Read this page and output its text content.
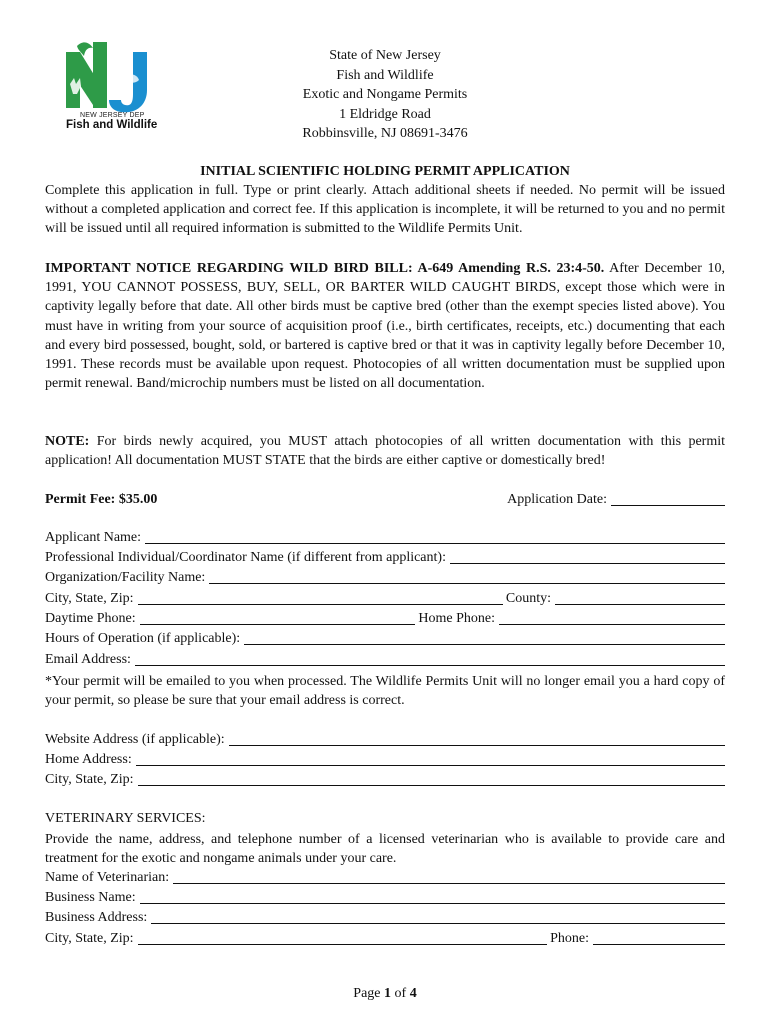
NEW JERSEY DEP
Fish and Wildlife
State of New Jersey
Fish and Wildlife
Exotic and Nongame Permits
1 Eldridge Road
Robbinsville, NJ 08691-3476
INITIAL SCIENTIFIC HOLDING PERMIT APPLICATION
Complete this application in full. Type or print clearly. Attach additional sheets if needed. No permit will be issued without a completed application and correct fee. If this application is incomplete, it will be returned to you and no permit will be issued until all required information is submitted to the Wildlife Permits Unit.
IMPORTANT NOTICE REGARDING WILD BIRD BILL: A-649 Amending R.S. 23:4-50. After December 10, 1991, YOU CANNOT POSSESS, BUY, SELL, OR BARTER WILD CAUGHT BIRDS, except those which were in captivity legally before that date. All other birds must be captive bred (other than the exempt species listed above). You must have in writing from your source of acquisition proof (i.e., birth certificates, receipts, etc.) documenting that each and every bird possessed, bought, sold, or bartered is captive bred or that it was in captivity legally before December 10, 1991. These records must be available upon request. Photocopies of all written documentation must be supplied upon permit renewal. Band/microchip numbers must be listed on all documentation.
NOTE: For birds newly acquired, you MUST attach photocopies of all written documentation with this permit application! All documentation MUST STATE that the birds are either captive or domestically bred!
Permit Fee: $35.00	Application Date:
Applicant Name:
Professional Individual/Coordinator Name (if different from applicant):
Organization/Facility Name:
City, State, Zip:	County:
Daytime Phone:	Home Phone:
Hours of Operation (if applicable):
Email Address:
*Your permit will be emailed to you when processed. The Wildlife Permits Unit will no longer email you a hard copy of your permit, so please be sure that your email address is correct.
Website Address (if applicable):
Home Address:
City, State, Zip:
VETERINARY SERVICES:
Provide the name, address, and telephone number of a licensed veterinarian who is available to provide care and treatment for the exotic and nongame animals under your care.
Name of Veterinarian:
Business Name:
Business Address:
City, State, Zip:	Phone:
Page 1 of 4
